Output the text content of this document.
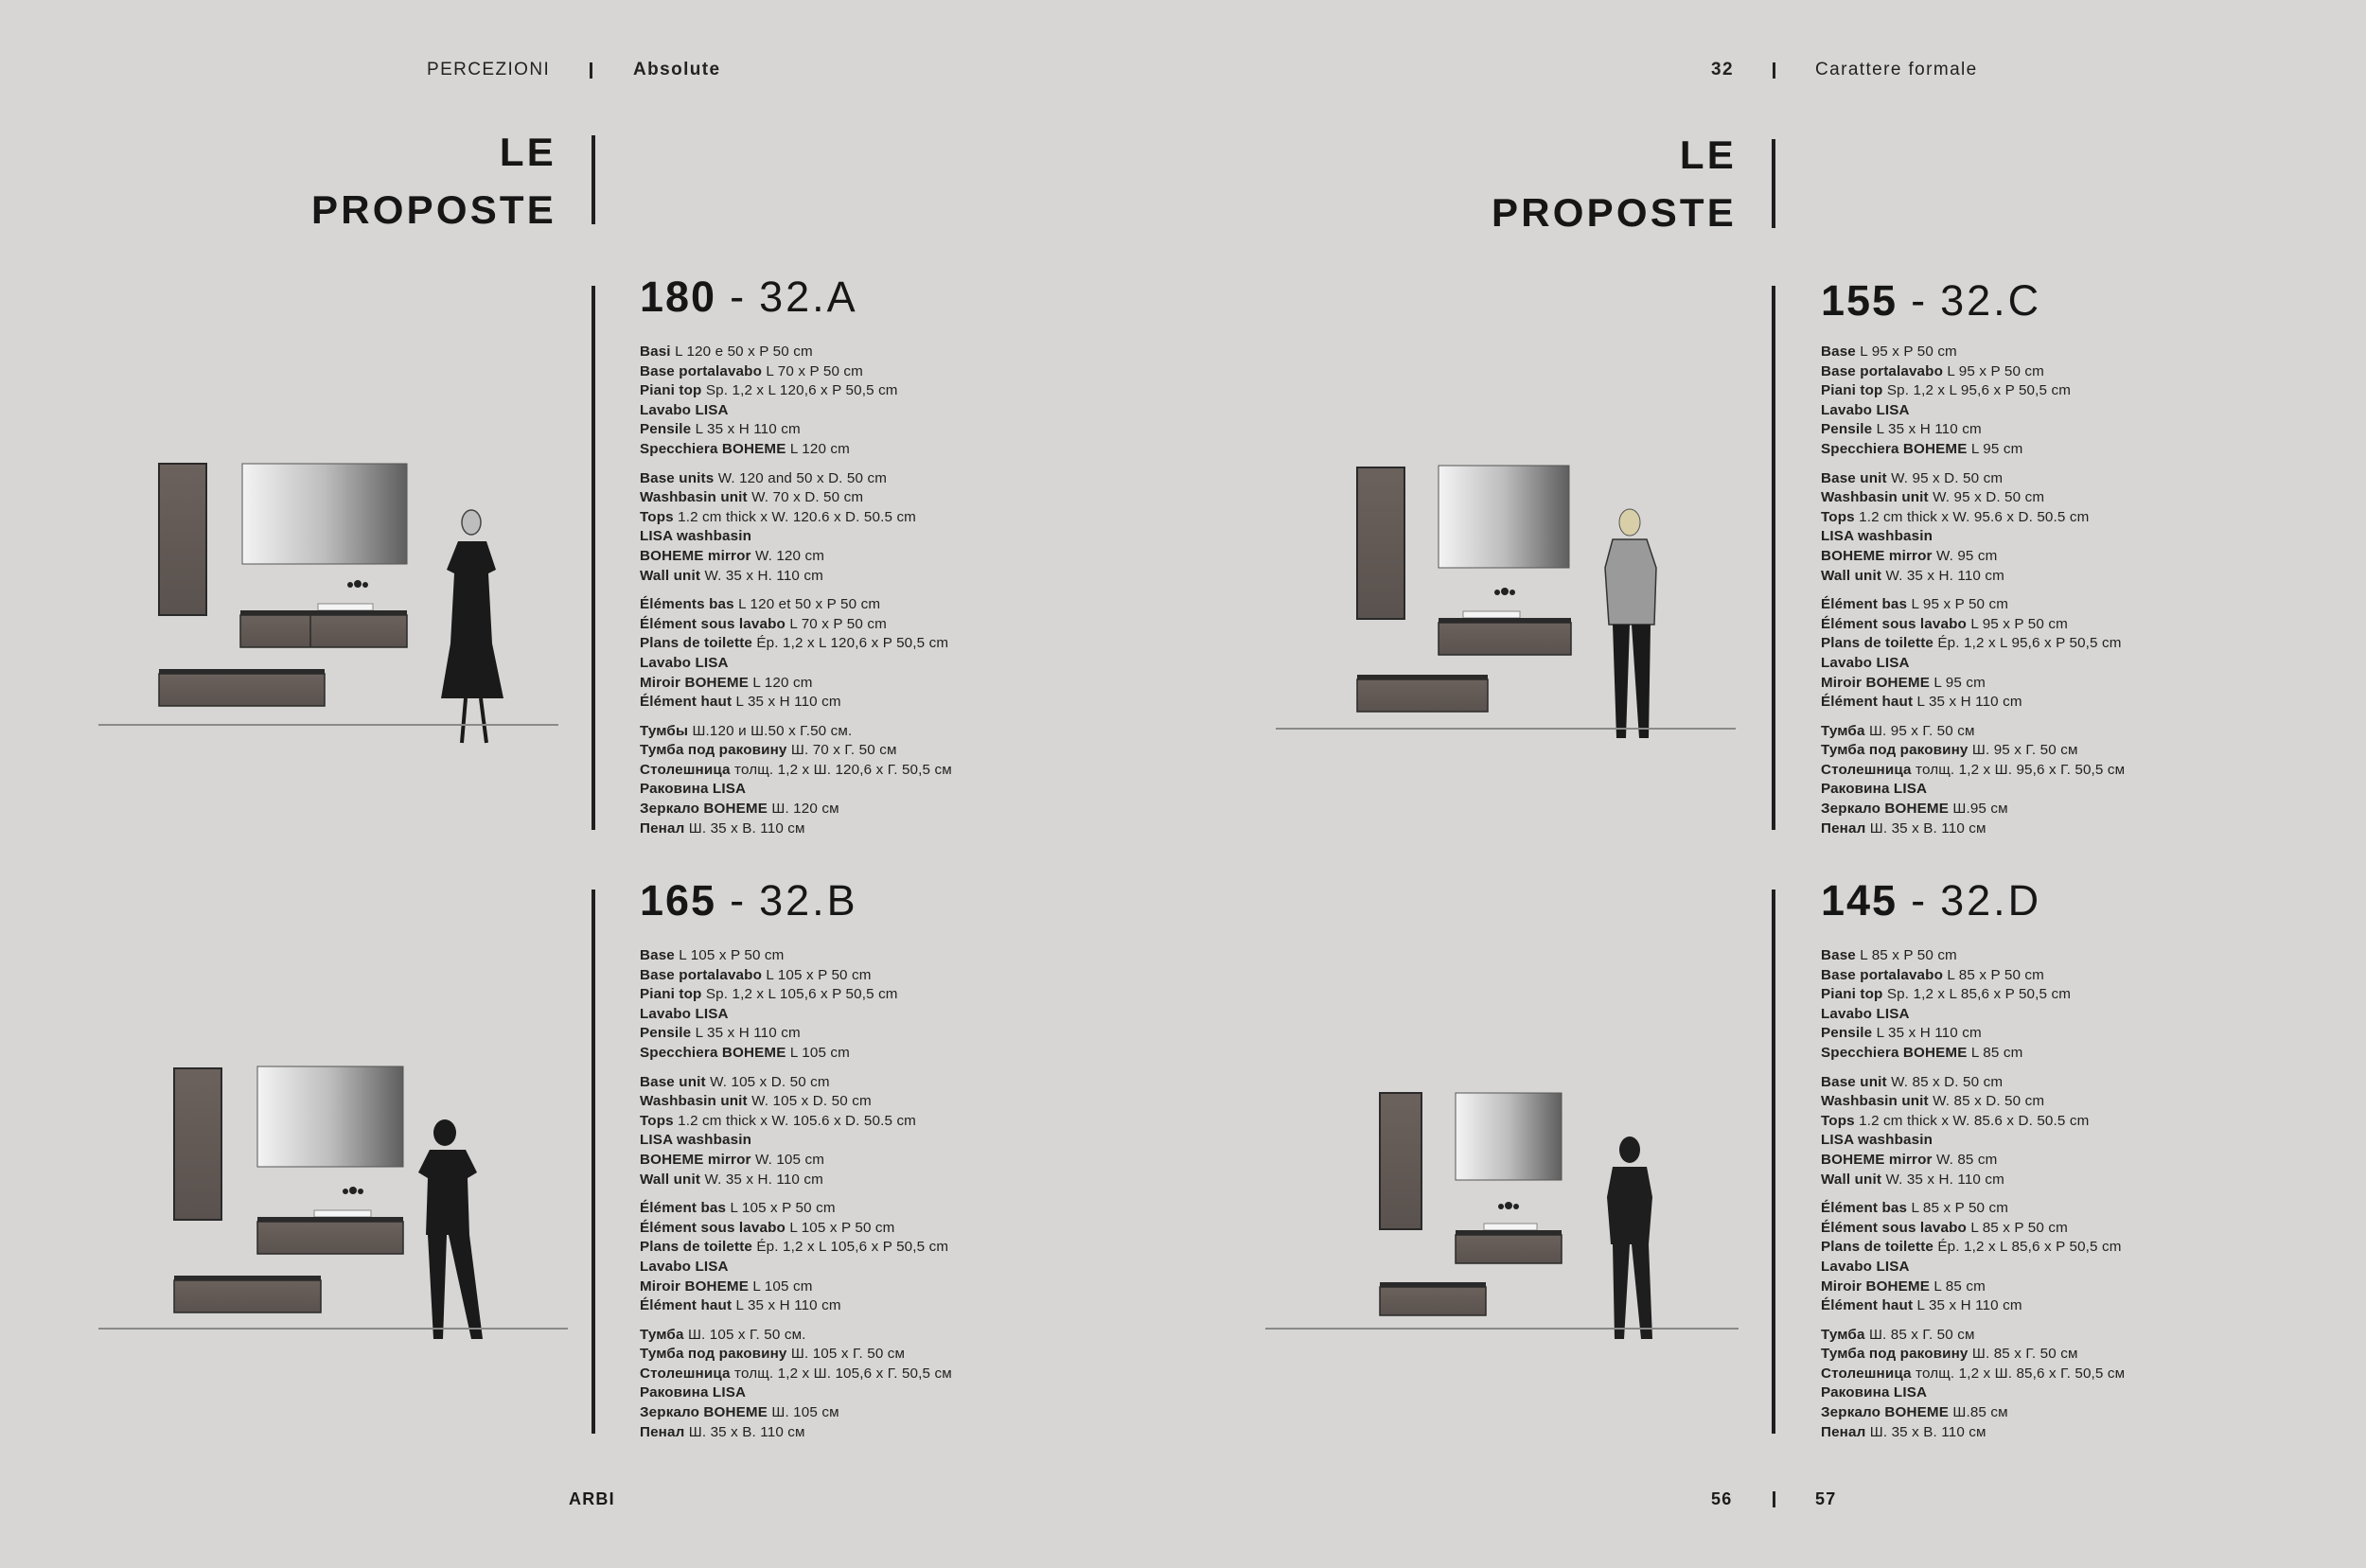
PERCEZIONI	Absolute	32	Carattere formale
LE
PROPOSTE
LE
PROPOSTE
180 - 32.A
Basi L 120 e 50 x P 50 cm
Base portalavabo L 70 x P 50 cm
Piani top Sp. 1,2 x L 120,6 x P 50,5 cm
Lavabo LISA
Pensile L 35 x H 110 cm
Specchiera BOHEME L 120 cm
Base units W. 120 and 50 x D. 50 cm
Washbasin unit W. 70 x D. 50 cm
Tops 1.2 cm thick x W. 120.6 x D. 50.5 cm
LISA washbasin
BOHEME mirror W. 120 cm
Wall unit W. 35 x H. 110 cm
Éléments bas L 120 et 50 x P 50 cm
Élément sous lavabo L 70 x P 50 cm
Plans de toilette Ép. 1,2 x L 120,6 x P 50,5 cm
Lavabo LISA
Miroir BOHEME L 120 cm
Élément haut L 35 x H 110 cm
Тумбы Ш.120 и Ш.50 x Г.50 см.
Тумба под раковину Ш. 70 x Г. 50 см
Столешница толщ. 1,2 x Ш. 120,6 x Г. 50,5 см
Раковина LISA
Зеркало BOHEME Ш. 120 см
Пенал Ш. 35 x В. 110 см
165 - 32.B
Base L 105 x P 50 cm
Base portalavabo L 105 x P 50 cm
Piani top Sp. 1,2 x L 105,6 x P 50,5 cm
Lavabo LISA
Pensile L 35 x H 110 cm
Specchiera BOHEME L 105 cm
Base unit W. 105 x D. 50 cm
Washbasin unit W. 105 x D. 50 cm
Tops 1.2 cm thick x W. 105.6 x D. 50.5 cm
LISA washbasin
BOHEME mirror W. 105 cm
Wall unit W. 35 x H. 110 cm
Élément bas L 105 x P 50 cm
Élément sous lavabo L 105 x P 50 cm
Plans de toilette Ép. 1,2 x L 105,6 x P 50,5 cm
Lavabo LISA
Miroir BOHEME L 105 cm
Élément haut L 35 x H 110 cm
Тумба Ш. 105 x Г. 50 см.
Тумба под раковину Ш. 105 x Г. 50 см
Столешница толщ. 1,2 x Ш. 105,6 x Г. 50,5 см
Раковина LISA
Зеркало BOHEME Ш. 105 см
Пенал Ш. 35 x В. 110 см
155 - 32.C
Base L 95 x P 50 cm
Base portalavabo L 95 x P 50 cm
Piani top Sp. 1,2 x L 95,6 x P 50,5 cm
Lavabo LISA
Pensile L 35 x H 110 cm
Specchiera BOHEME L 95 cm
Base unit W. 95 x D. 50 cm
Washbasin unit W. 95 x D. 50 cm
Tops 1.2 cm thick x W. 95.6 x D. 50.5 cm
LISA washbasin
BOHEME mirror W. 95 cm
Wall unit W. 35 x H. 110 cm
Élément bas L 95 x P 50 cm
Élément sous lavabo L 95 x P 50 cm
Plans de toilette Ép. 1,2 x L 95,6 x P 50,5 cm
Lavabo LISA
Miroir BOHEME L 95 cm
Élément haut L 35 x H 110 cm
Тумба Ш. 95 x Г. 50 см
Тумба под раковину Ш. 95 x Г. 50 см
Столешница толщ. 1,2 x Ш. 95,6 x Г. 50,5 см
Раковина LISA
Зеркало BOHEME Ш.95 см
Пенал Ш. 35 x В. 110 см
145 - 32.D
Base L 85 x P 50 cm
Base portalavabo L 85 x P 50 cm
Piani top Sp. 1,2 x L 85,6 x P 50,5 cm
Lavabo LISA
Pensile L 35 x H 110 cm
Specchiera BOHEME L 85 cm
Base unit W. 85 x D. 50 cm
Washbasin unit W. 85 x D. 50 cm
Tops 1.2 cm thick x W. 85.6 x D. 50.5 cm
LISA washbasin
BOHEME mirror W. 85 cm
Wall unit W. 35 x H. 110 cm
Élément bas L 85 x P 50 cm
Élément sous lavabo L 85 x P 50 cm
Plans de toilette Ép. 1,2 x L 85,6 x P 50,5 cm
Lavabo LISA
Miroir BOHEME L 85 cm
Élément haut L 35 x H 110 cm
Тумба Ш. 85 x Г. 50 см
Тумба под раковину Ш. 85 x Г. 50 см
Столешница толщ. 1,2 x Ш. 85,6 x Г. 50,5 см
Раковина LISA
Зеркало BOHEME Ш.85 см
Пенал Ш. 35 x В. 110 см
ARBI	56	57
